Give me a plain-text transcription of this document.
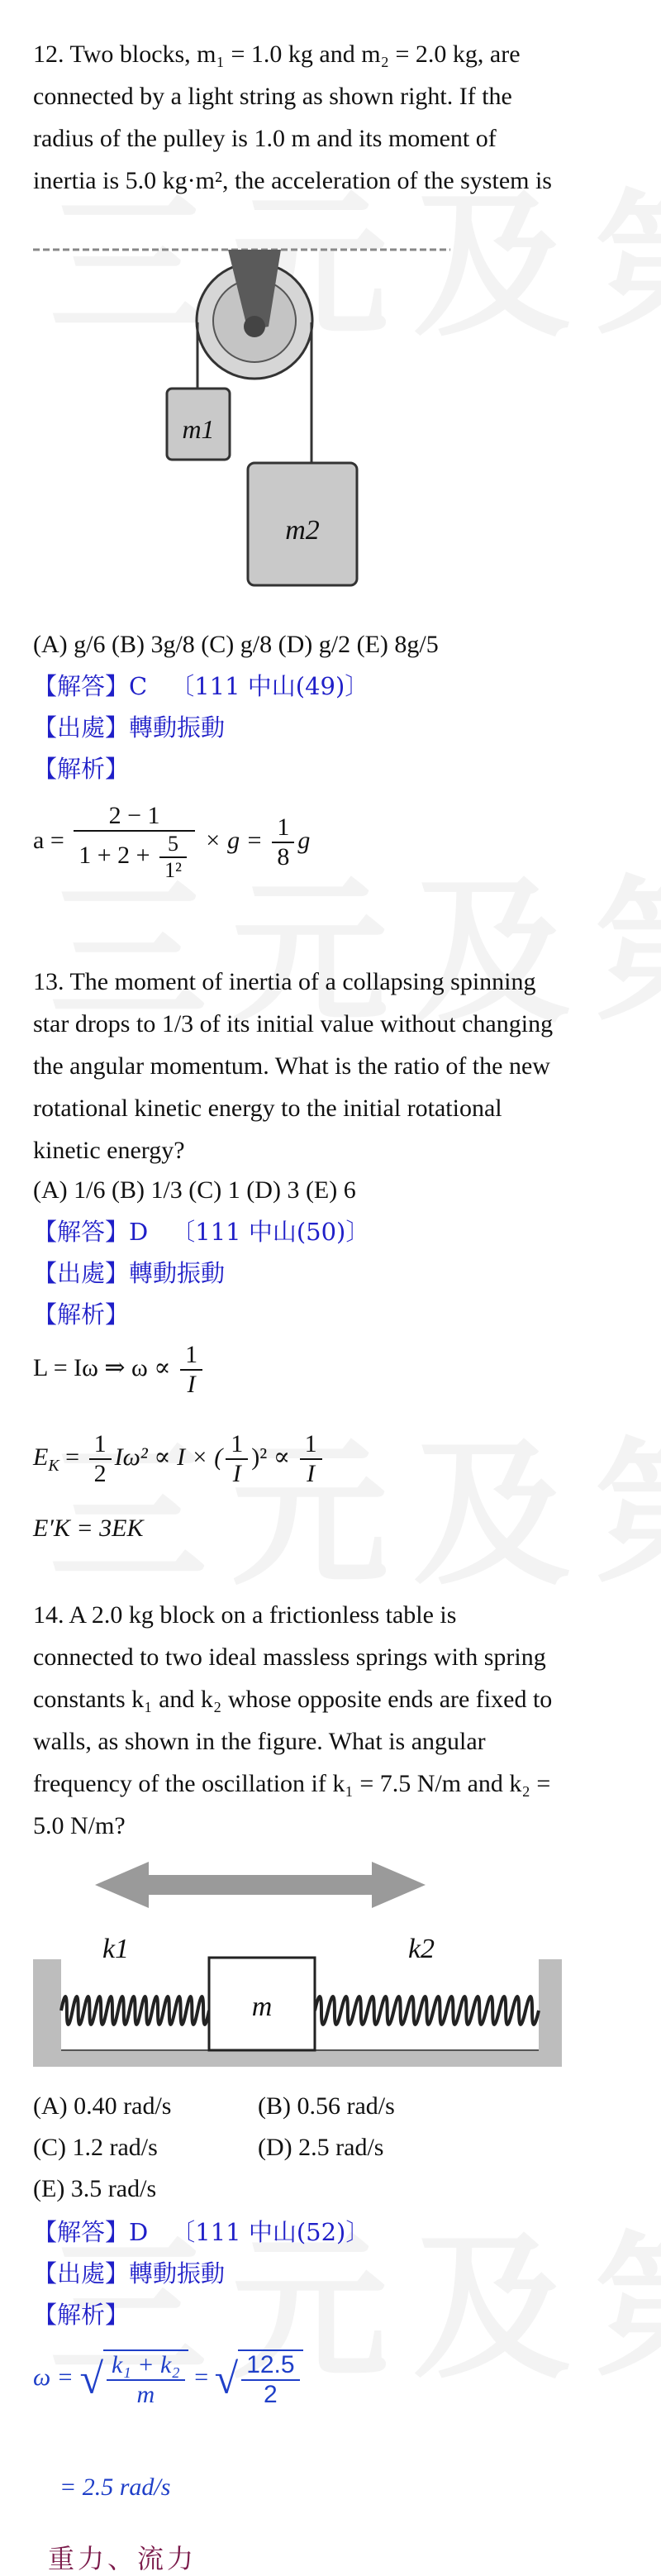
12. Two blocks, m₁ = 1.0 kg and m₂ = 2.0 kg, are
connected by a light string as shown right. If the
radius of the pulley is 1.0 m and its moment of
inertia is 5.0 kg·m², the acceleration of the system is
m1
m2
(A) g/6 (B) 3g/8 (C) g/8 (D) g/2 (E) 8g/5
【解答】C 〔111 中山(49)〕
【出處】轉動振動
【解析】
$a = \frac{2 - 1}{1 + 2 + \frac{5}{\text{1²}}} \times g = \frac{1}{8}$ g
13. The moment of inertia of a collapsing spinning
star drops to 1/3 of its initial value without changing
the angular momentum. What is the ratio of the new
rotational kinetic energy to the initial rotational
kinetic energy?
(A) 1/6 (B) 1/3 (C) 1 (D) 3 (E) 6
【解答】D 〔111 中山(50)〕
【出處】轉動振動
【解析】
L = Iω ⇒ $\omega \propto \frac{1}{I}$
$E_K = \frac{1}{2} I\omega^2 \propto I$ × ( $\frac{1}{I} )^2 \propto \frac{1}{I}$
E′K = 3EK
14. A 2.0 kg block on a frictionless table is
connected to two ideal massless springs with spring
constants k₁ and k₂ whose opposite ends are fixed to
walls, as shown in the figure. What is angular
frequency of the oscillation if k₁ = 7.5 N/m and k₂ =
5.0 N/m?
m
k1	k2
(A) 0.40 rad/s	(B) 0.56 rad/s
(C) 1.2 rad/s	(D) 2.5 rad/s
(E) 3.5 rad/s
【解答】D 〔111 中山(52)〕
【出處】轉動振動
【解析】
ω = √ $\frac{\text{k₁ + k₂}}{m}$ = √ $\frac{12.5}{2}$
= 2.5 rad/s
重力、流力
